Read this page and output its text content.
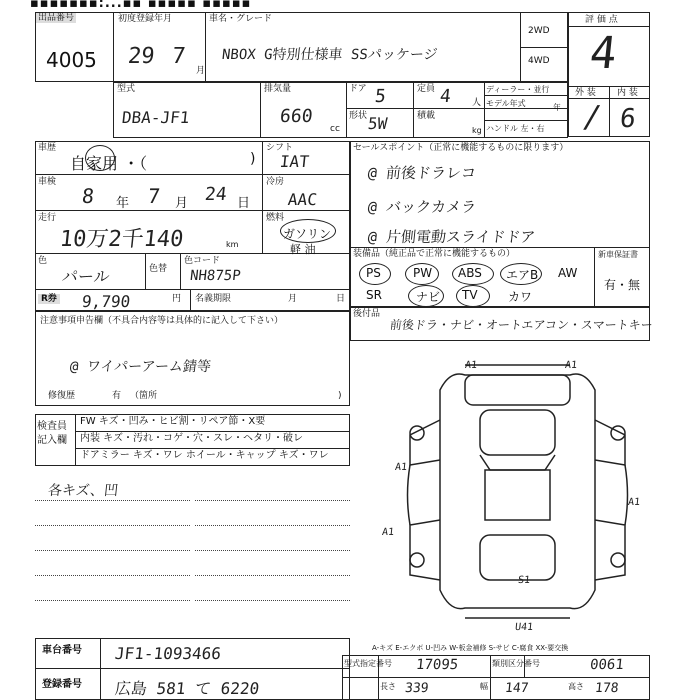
▪▪▪▪▪▪▪:...▪▪ ▪▪▪▪▪ ▪▪▪▪▪
出品番号
4005
初度登録年月
29 7
月
車名・グレード
NBOX G特別仕様車 SSパッケージ
2WD
4WD
評 価 点
4
外 装 内 装
/ 6
型式
DBA-JF1
排気量
660
cc
ドア 5	定員 4 人
ディーラー・並行
モデル年式	年
ハンドル 左・右
形状 5W	積載
kg
車歴
自家用 ・（	)
シフト
IAT
車検
8 年 7 月 24 日
冷房
AAC
走行
10万2千140	km
燃料
ガソリン
軽 油
色
パール	色替
色コード
NH875P
R券 9,790	円 名義期限	月	日
セールスポイント（正常に機能するものに限ります）
@ 前後ドラレコ
@ バックカメラ
@ 片側電動スライドドア
装備品（純正品で正常に機能するもの）
PS	PW ABS エアB AW
SR	ナビ TV	カワ
新車保証書
有・無
後付品
前後ドラ・ナビ・オートエアコン・スマートキー
注意事項申告欄（不具合内容等は具体的に記入して下さい）
@ ワイパーアーム錆等
修復歴	有 （箇所	)
検査員記入欄
FW キズ・凹み・ヒビ割・リペア節・X要
内装 キズ・汚れ・コゲ・穴・スレ・ヘタリ・破レ
ドアミラー キズ・ワレ ホイール・キャップ キズ・ワレ
各キズ、凹
A1	A1
A1
A1
A1
S1
U41
A-キズ E-エクボ U-凹み W-板金補修 S-サビ C-腐食 XX-要交換
車台番号 JF1-1093466
登録番号 広島 581 て 6220
型式指定番号 17095	類別区分番号	0061
長さ 339	幅 147	高さ 178
